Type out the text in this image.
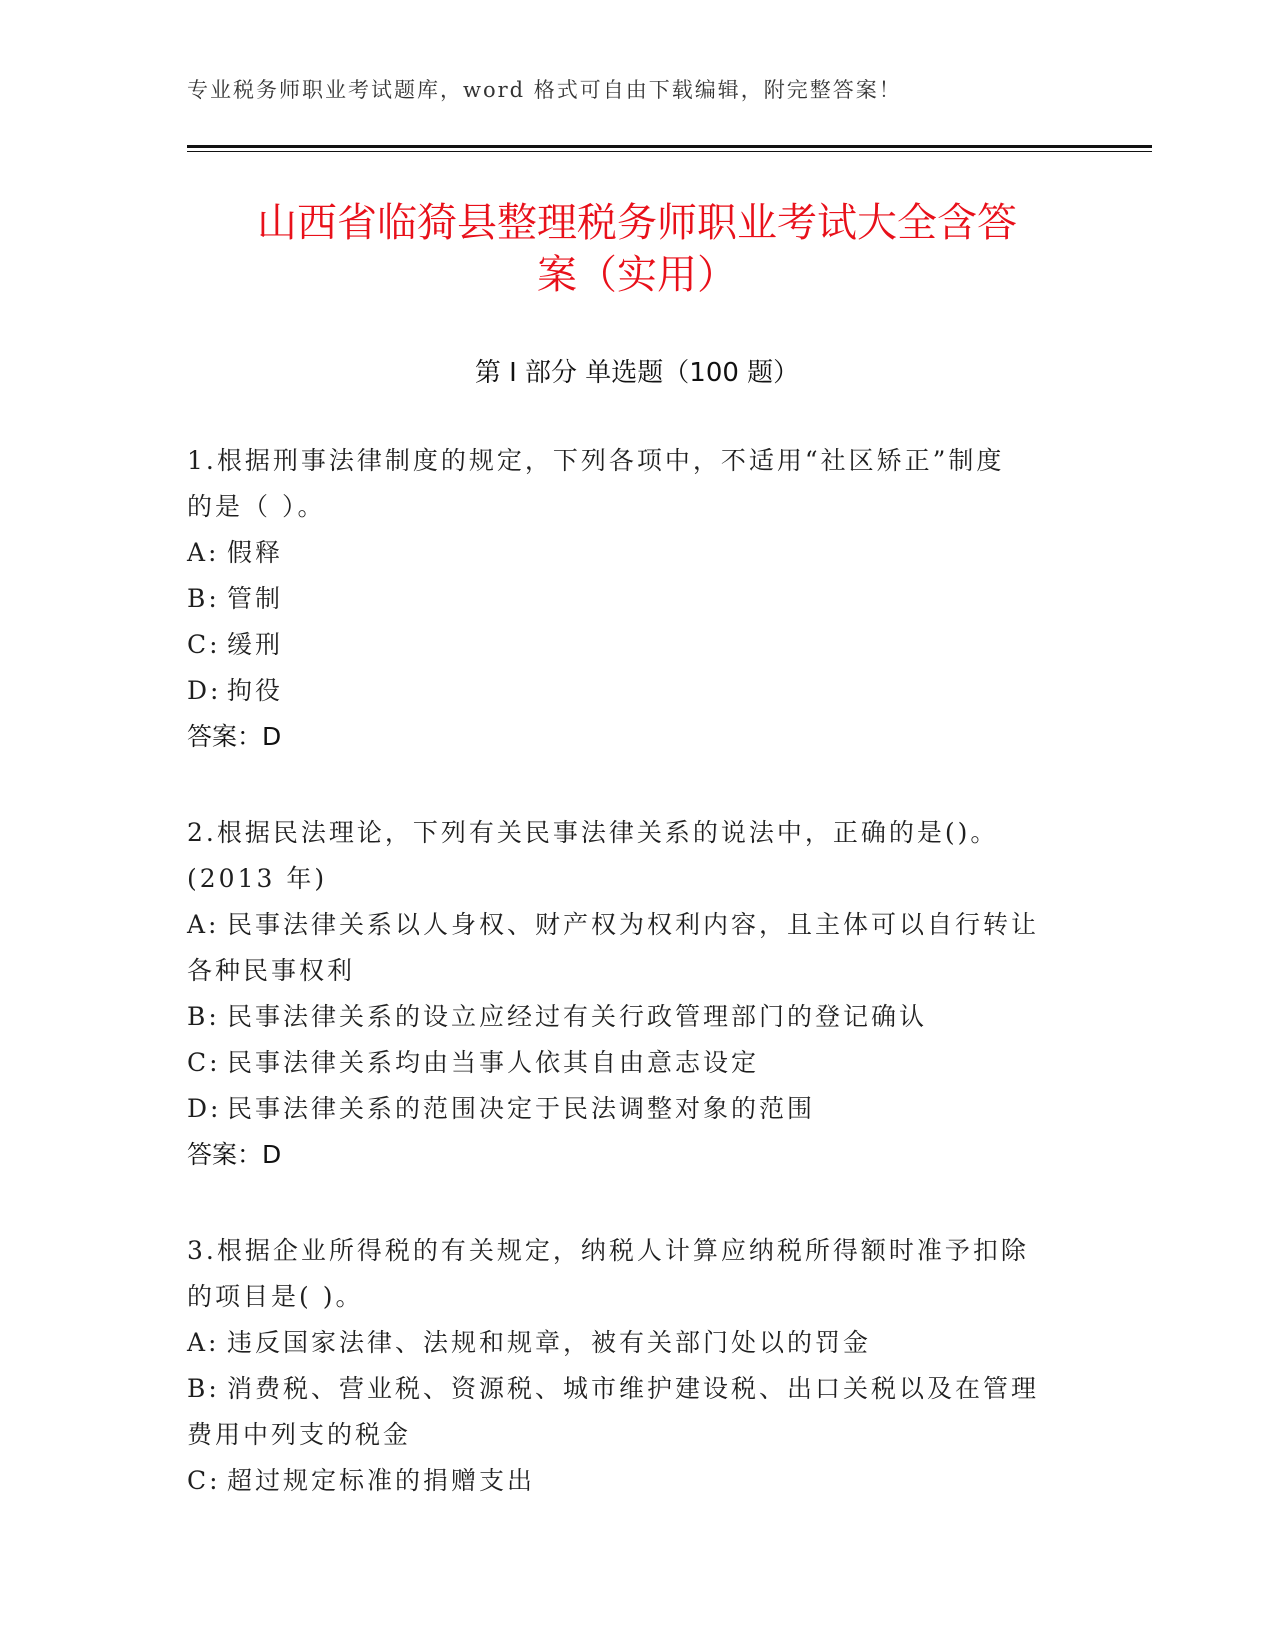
专业税务师职业考试题库，word 格式可自由下载编辑，附完整答案！
山西省临猗县整理税务师职业考试大全含答
案（实用）
第 I 部分 单选题（100 题）

1.根据刑事法律制度的规定，下列各项中，不适用“社区矫正”制度

的是（ ）。

A: 假释

B: 管制

C: 缓刑

D: 拘役

答案：D

2.根据民法理论，下列有关民事法律关系的说法中，正确的是()。

(2013 年)

A: 民事法律关系以人身权、财产权为权利内容，且主体可以自行转让

各种民事权利

B: 民事法律关系的设立应经过有关行政管理部门的登记确认

C: 民事法律关系均由当事人依其自由意志设定

D: 民事法律关系的范围决定于民法调整对象的范围

答案：D

3.根据企业所得税的有关规定，纳税人计算应纳税所得额时准予扣除

的项目是( )。

A: 违反国家法律、法规和规章，被有关部门处以的罚金

B: 消费税、营业税、资源税、城市维护建设税、出口关税以及在管理

费用中列支的税金

C: 超过规定标准的捐赠支出
